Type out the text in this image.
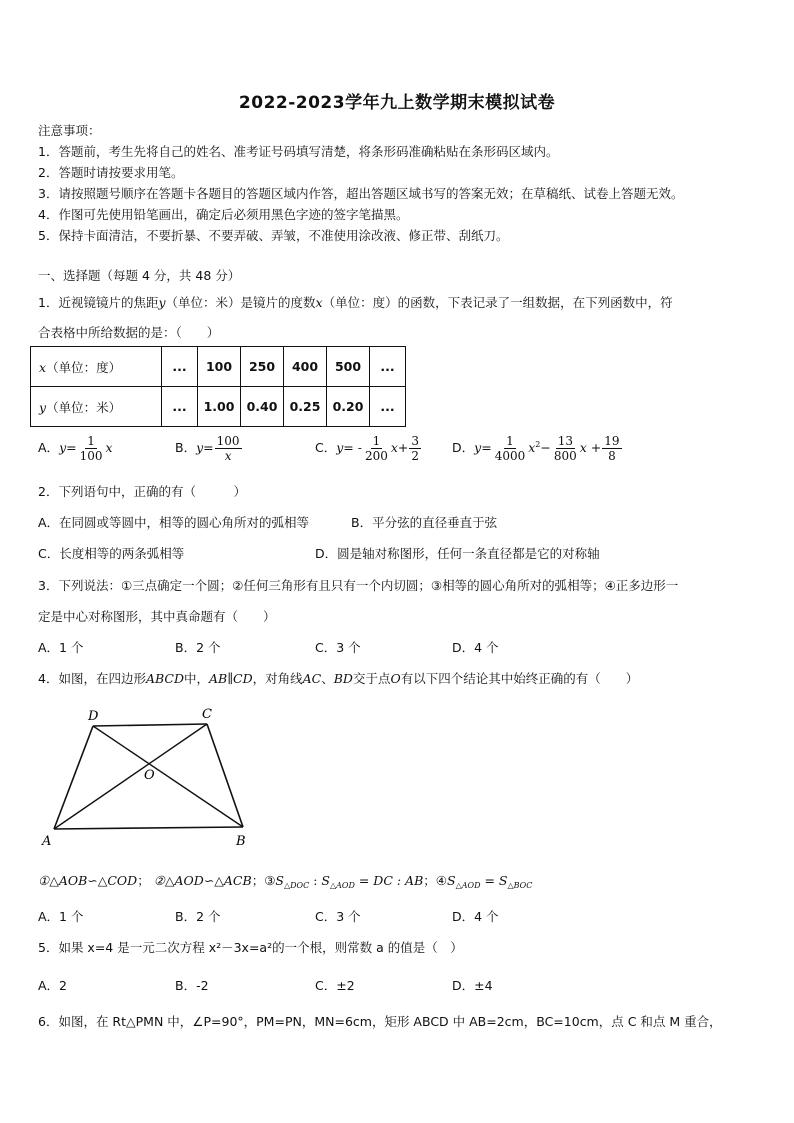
2022-2023学年九上数学期末模拟试卷
注意事项：
1．答题前，考生先将自己的姓名、准考证号码填写清楚，将条形码准确粘贴在条形码区域内。
2．答题时请按要求用笔。
3．请按照题号顺序在答题卡各题目的答题区域内作答，超出答题区域书写的答案无效；在草稿纸、试卷上答题无效。
4．作图可先使用铅笔画出，确定后必须用黑色字迹的签字笔描黑。
5．保持卡面清洁，不要折暴、不要弄破、弄皱，不准使用涂改液、修正带、刮纸刀。
一、选择题（每题 4 分，共 48 分）
1．近视镜镜片的焦距y（单位：米）是镜片的度数x（单位：度）的函数，下表记录了一组数据，在下列函数中，符
合表格中所给数据的是：（　　）
x（单位：度）	...	100	250	400	500	...
y（单位：米）	...	1.00	0.40	0.25	0.20	...
A．$y= \frac{1}{100}$ x	B．$y= \frac{100}{x}$	C．$y= - \frac{1}{200} x+ \frac{3}{2}$ D．$y= \frac{1}{4000} x^2- \frac{13}{800}$ $x + \frac{19}{8}$
2．下列语句中，正确的有（　　　）
A．在同圆或等圆中，相等的圆心角所对的弧相等	B．平分弦的直径垂直于弦
C．长度相等的两条弧相等	D．圆是轴对称图形，任何一条直径都是它的对称轴
3．下列说法：①三点确定一个圆；②任何三角形有且只有一个内切圆；③相等的圆心角所对的弧相等；④正多边形一
定是中心对称图形，其中真命题有（　　）
A．1 个	B．2 个	C．3 个	D．4 个
4．如图，在四边形ABCD中，AB∥CD，对角线AC、BD交于点O有以下四个结论其中始终正确的有（　　）
A	B
C
D
O
①△AOB∽△COD； ②△AOD∽△ACB；$③S_{\triangle DOC}$ : $S_{\triangle AOD}$ = DC : AB；$④S_{\triangle AOD} = S_{\triangle BOC}$
A．1 个	B．2 个	C．3 个	D．4 个
5．如果 x=4 是一元二次方程 x²－3x=a²的一个根，则常数 a 的值是（　）
A．2	B．-2	C．±2	D．±4
6．如图，在 Rt△PMN 中，∠P=90°，PM=PN，MN=6cm，矩形 ABCD 中 AB=2cm，BC=10cm，点 C 和点 M 重合，
